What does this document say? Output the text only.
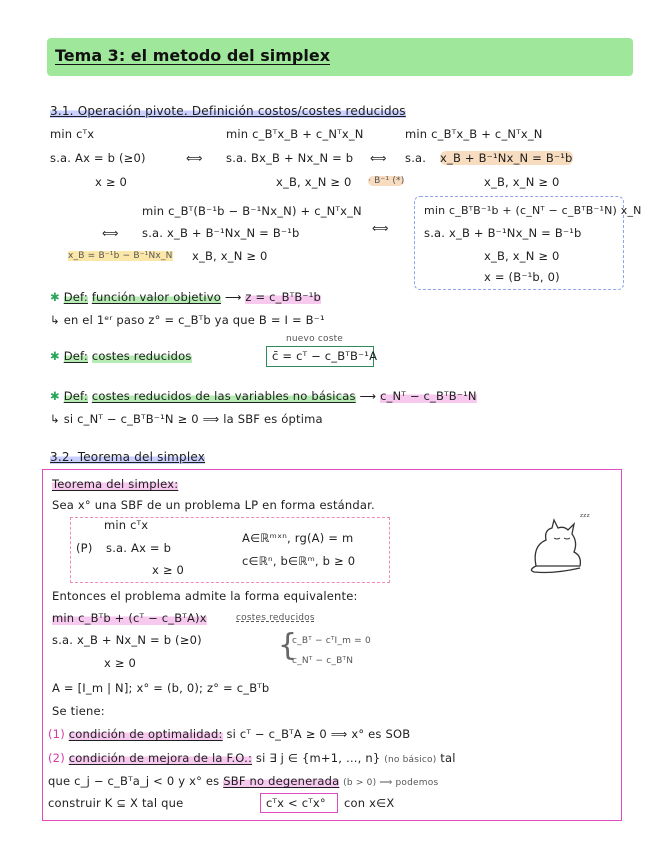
Tema 3: el metodo del simplex
3.1. Operación pivote. Definición costos/costes reducidos
min cᵀx	min c_Bᵀx_B + c_Nᵀx_N	min c_Bᵀx_B + c_Nᵀx_N
s.a. Ax = b (≥0)	⟺ s.a. Bx_B + Nx_N = b ⟺ s.a. x_B + B⁻¹Nx_N = B⁻¹b
x ≥ 0	x_B, x_N ≥ 0 · B⁻¹ (*)	x_B, x_N ≥ 0
min c_Bᵀ(B⁻¹b − B⁻¹Nx_N) + c_Nᵀx_N
⟺ s.a. x_B + B⁻¹Nx_N = B⁻¹b
x_B, x_N ≥ 0
x_B = B⁻¹b − B⁻¹Nx_N
⟺
min c_BᵀB⁻¹b + (c_Nᵀ − c_BᵀB⁻¹N) x_N
s.a. x_B + B⁻¹Nx_N = B⁻¹b
x_B, x_N ≥ 0
x = (B⁻¹b, 0)
✱ Def: función valor objetivo ⟶ z = c_BᵀB⁻¹b
↳ en el 1ᵉʳ paso z° = c_Bᵀb ya que B = I = B⁻¹
nuevo coste
✱ Def: costes reducidos	c̄ = cᵀ − c_BᵀB⁻¹A
✱ Def: costes reducidos de las variables no básicas ⟶ c_Nᵀ − c_BᵀB⁻¹N
↳ si c_Nᵀ − c_BᵀB⁻¹N ≥ 0 ⟹ la SBF es óptima
3.2. Teorema del simplex
Teorema del simplex:
Sea x° una SBF de un problema LP en forma estándar.
min cᵀx
(P) s.a. Ax = b
x ≥ 0
A∈ℝᵐˣⁿ, rg(A) = m
c∈ℝⁿ, b∈ℝᵐ, b ≥ 0
ᶻᶻᶻ
Entonces el problema admite la forma equivalente:
min c_Bᵀb + (cᵀ − c_BᵀA)x	costes reducidos
s.a. x_B + Nx_N = b (≥0)
x ≥ 0	{
c_Bᵀ − cᵀI_m = 0
c_Nᵀ − c_BᵀN
A = [I_m | N]; x° = (b, 0); z° = c_Bᵀb
Se tiene:
(1) condición de optimalidad: si cᵀ − c_BᵀA ≥ 0 ⟹ x° es SOB
(2) condición de mejora de la F.O.: si ∃ j ∈ {m+1, …, n} (no básico) tal
que c_j − c_Bᵀa_j < 0 y x° es SBF no degenerada (b > 0) ⟹ podemos
construir K ⊆ X tal que	cᵀx < cᵀx° con x∈X
